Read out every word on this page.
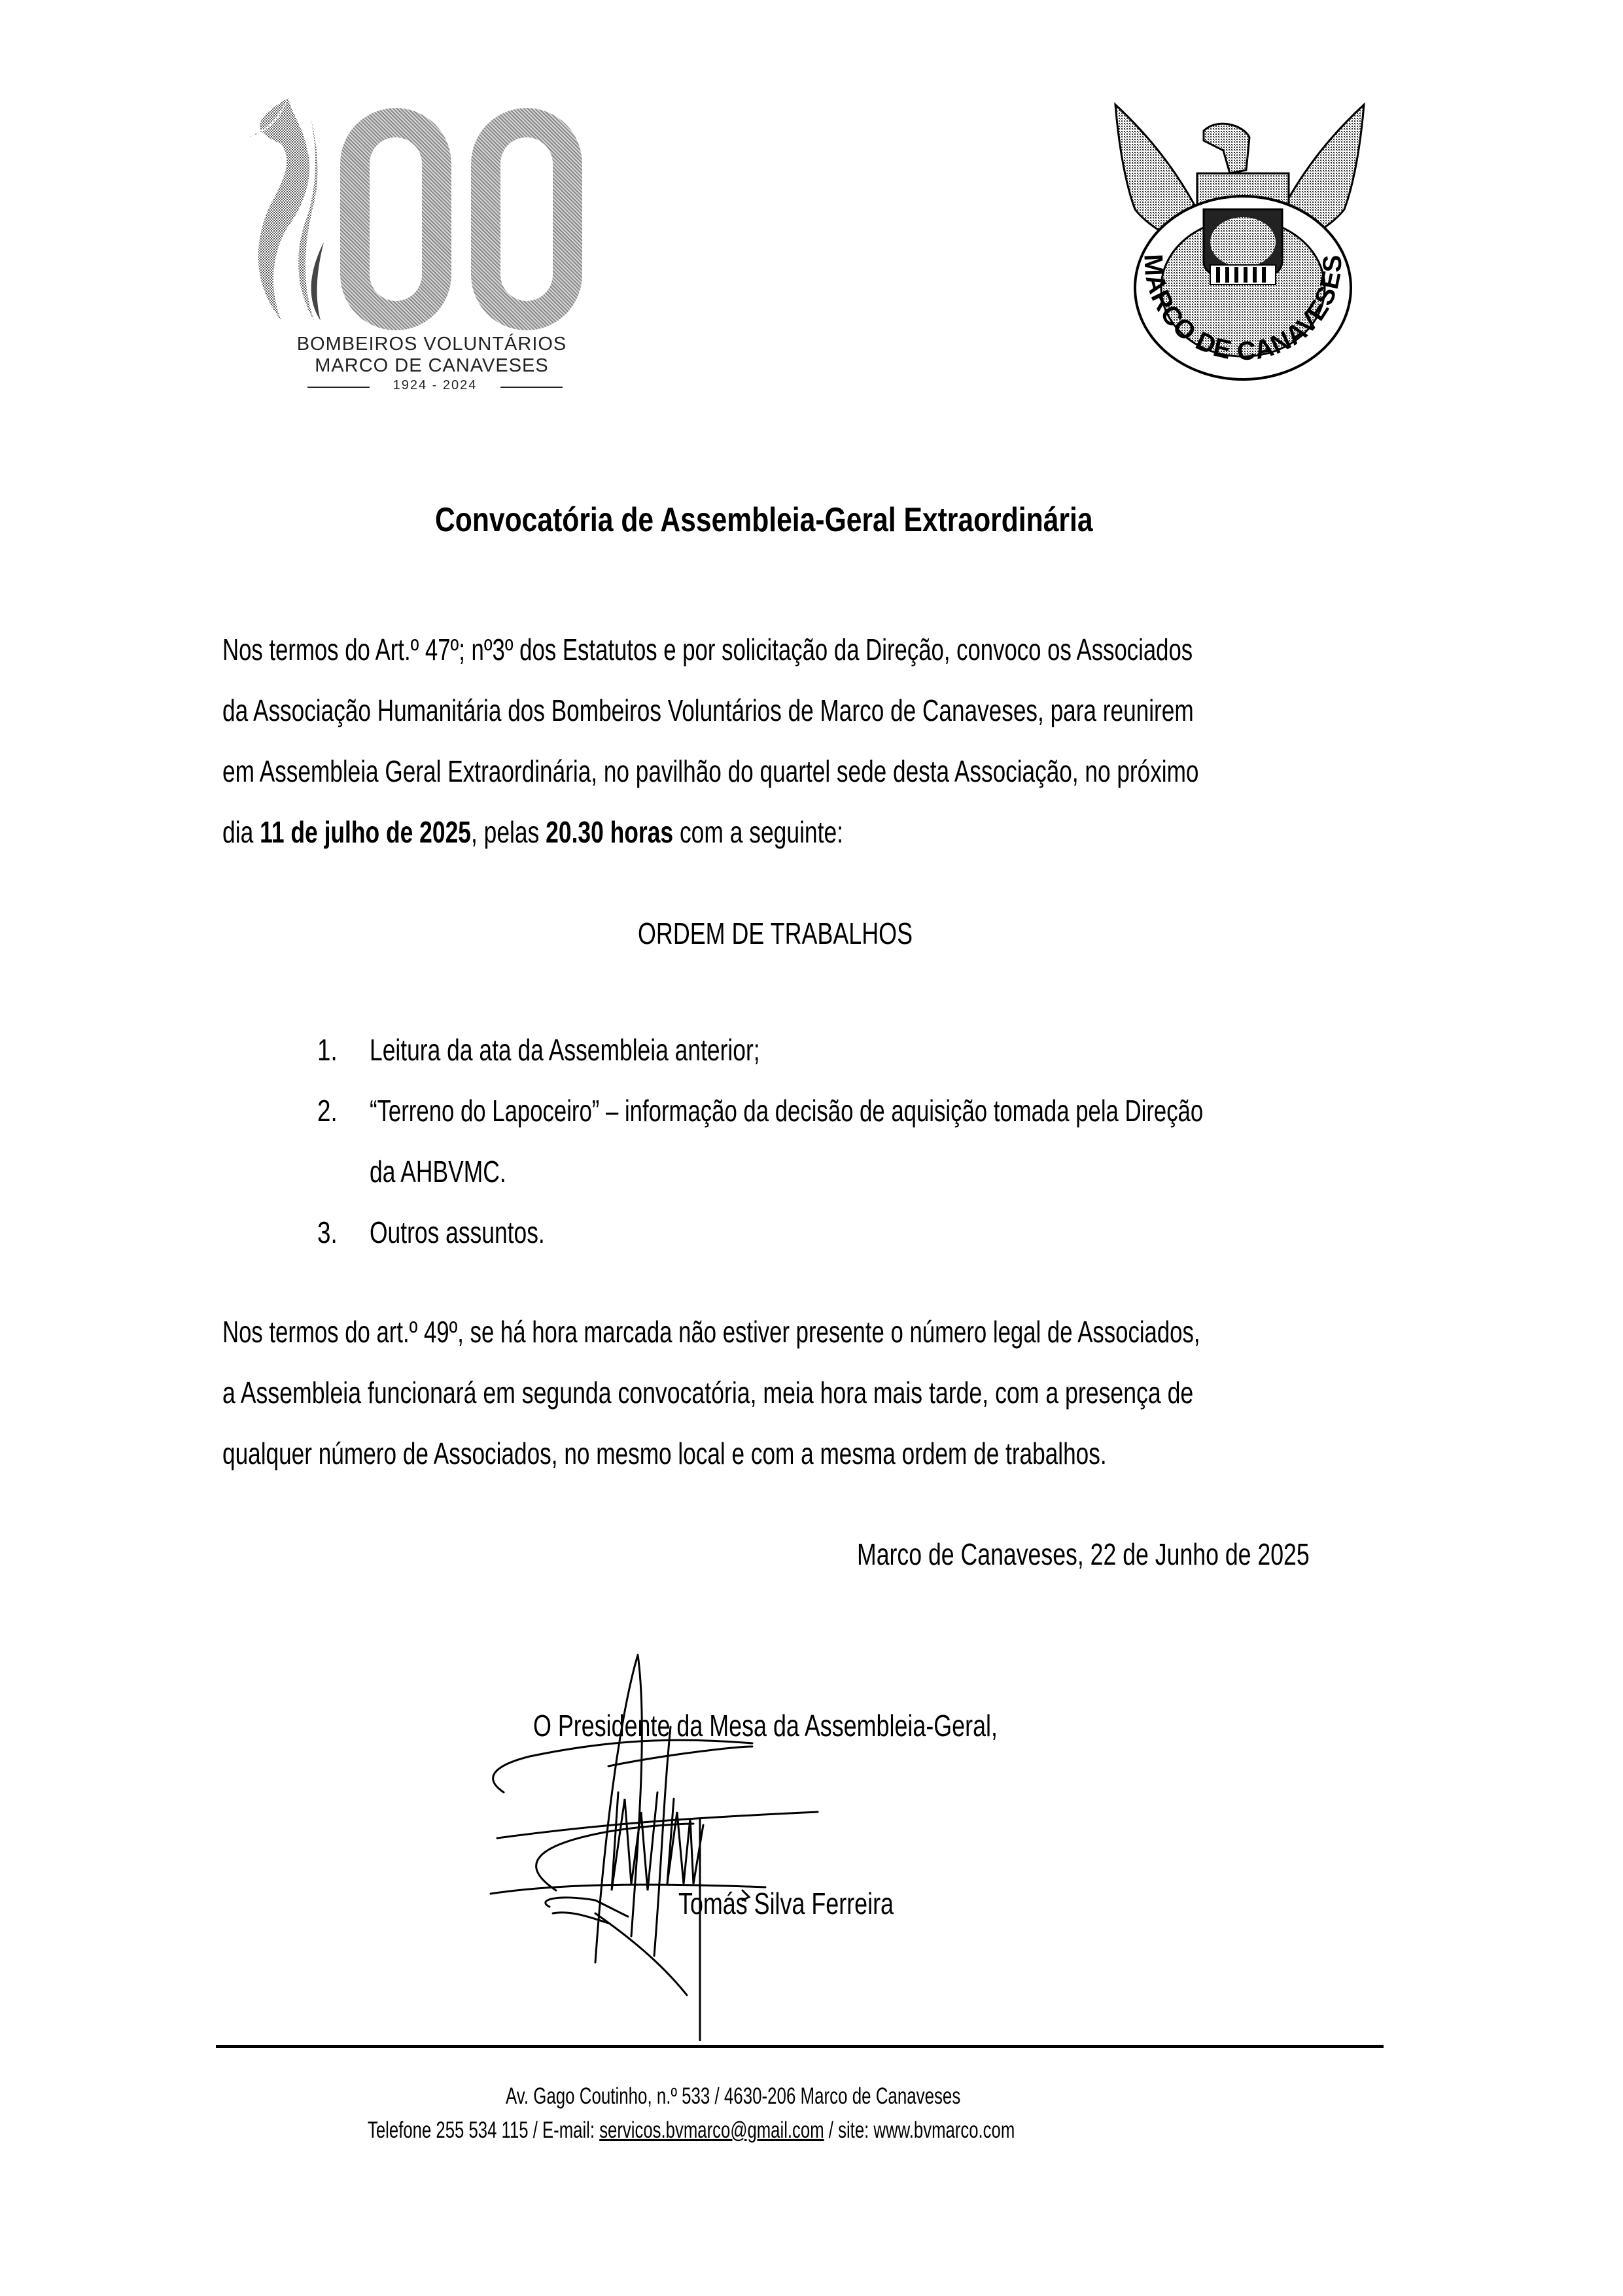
BOMBEIROS VOLUNTÁRIOS
MARCO DE CANAVESES
1924 - 2024
MARCO DE CANAVESES
Convocatória de Assembleia-Geral Extraordinária
Nos termos do Art.º 47º; nº3º dos Estatutos e por solicitação da Direção, convoco os Associados
da Associação Humanitária dos Bombeiros Voluntários de Marco de Canaveses, para reunirem
em Assembleia Geral Extraordinária, no pavilhão do quartel sede desta Associação, no próximo
dia 11 de julho de 2025, pelas 20.30 horas com a seguinte:
ORDEM DE TRABALHOS
1. Leitura da ata da Assembleia anterior;
2. “Terreno do Lapoceiro” – informação da decisão de aquisição tomada pela Direção
da AHBVMC.
3. Outros assuntos.
Nos termos do art.º 49º, se há hora marcada não estiver presente o número legal de Associados,
a Assembleia funcionará em segunda convocatória, meia hora mais tarde, com a presença de
qualquer número de Associados, no mesmo local e com a mesma ordem de trabalhos.
Marco de Canaveses, 22 de Junho de 2025
O Presidente da Mesa da Assembleia-Geral,
Tomás Silva Ferreira
Av. Gago Coutinho, n.º 533 / 4630-206 Marco de Canaveses
Telefone 255 534 115 / E-mail: servicos.bvmarco@gmail.com / site: www.bvmarco.com
